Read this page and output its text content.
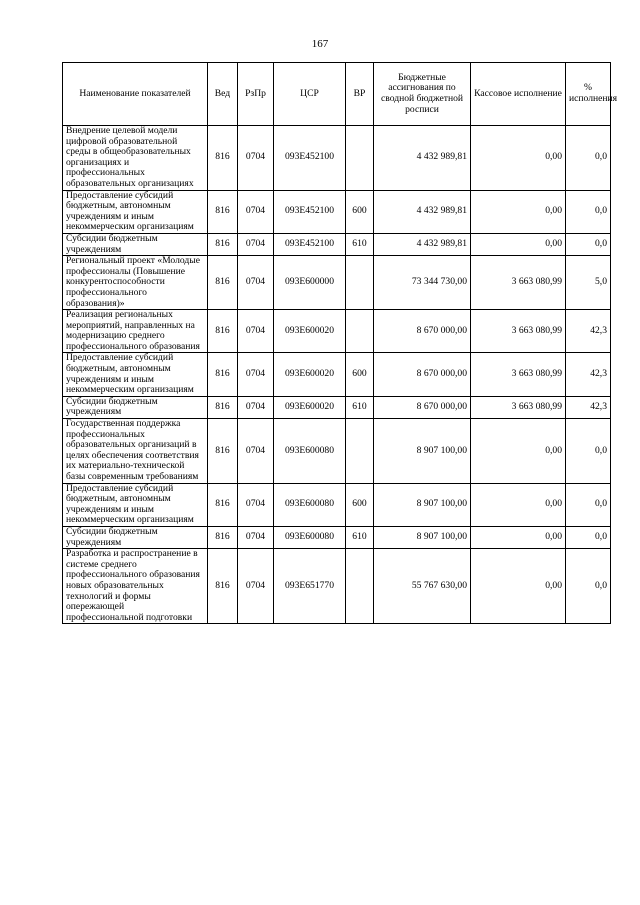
167
Наименование показателей	Вед	РзПр	ЦСР	ВР	Бюджетные ассигнования по сводной бюджетной росписи	Кассовое исполнение	% исполнения
Внедрение целевой модели цифровой образовательной среды в общеобразовательных организациях и профессиональных образовательных организациях	816	0704	093E452100		4 432 989,81	0,00	0,0
Предоставление субсидий бюджетным, автономным учреждениям и иным некоммерческим организациям	816	0704	093E452100	600	4 432 989,81	0,00	0,0
Субсидии бюджетным учреждениям	816	0704	093E452100	610	4 432 989,81	0,00	0,0
Региональный проект «Молодые профессионалы (Повышение конкурентоспособности профессионального образования)»	816	0704	093E600000		73 344 730,00	3 663 080,99	5,0
Реализация региональных мероприятий, направленных на модернизацию среднего профессионального образования	816	0704	093E600020		8 670 000,00	3 663 080,99	42,3
Предоставление субсидий бюджетным, автономным учреждениям и иным некоммерческим организациям	816	0704	093E600020	600	8 670 000,00	3 663 080,99	42,3
Субсидии бюджетным учреждениям	816	0704	093E600020	610	8 670 000,00	3 663 080,99	42,3
Государственная поддержка профессиональных образовательных организаций в целях обеспечения соответствия их материально-технической базы современным требованиям	816	0704	093E600080		8 907 100,00	0,00	0,0
Предоставление субсидий бюджетным, автономным учреждениям и иным некоммерческим организациям	816	0704	093E600080	600	8 907 100,00	0,00	0,0
Субсидии бюджетным учреждениям	816	0704	093E600080	610	8 907 100,00	0,00	0,0
Разработка и распространение в системе среднего профессионального образования новых образовательных технологий и формы опережающей профессиональной подготовки	816	0704	093E651770		55 767 630,00	0,00	0,0
